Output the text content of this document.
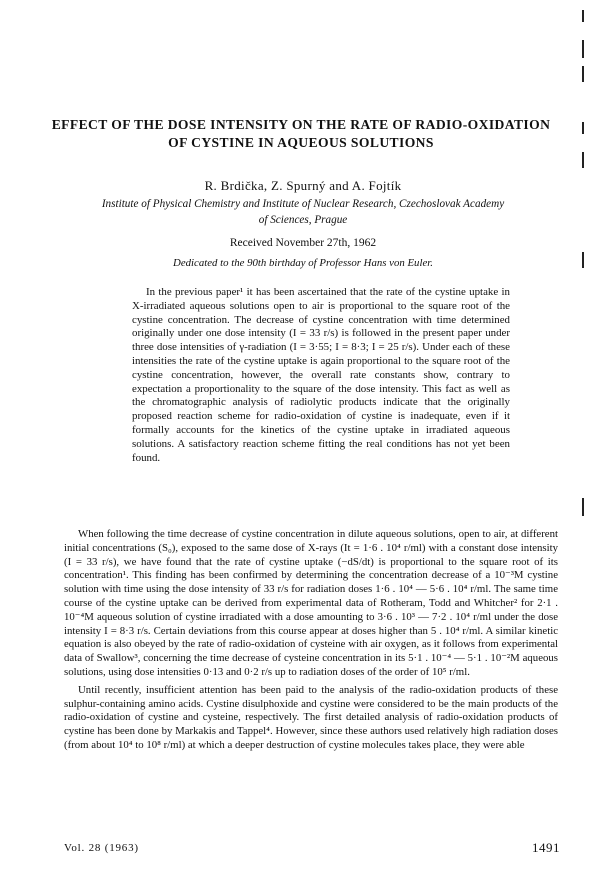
EFFECT OF THE DOSE INTENSITY ON THE RATE OF RADIO-OXIDATION
OF CYSTINE IN AQUEOUS SOLUTIONS
R. Brdička, Z. Spurný and A. Fojtík
Institute of Physical Chemistry and Institute of Nuclear Research, Czechoslovak Academy
of Sciences, Prague
Received November 27th, 1962
Dedicated to the 90th birthday of Professor Hans von Euler.

In the previous paper¹ it has been ascertained that the rate of the cystine uptake in X-irradiated aqueous solutions open to air is proportional to the square root of the cystine concentration. The decrease of cystine concentration with time determined originally under one dose intensity (I = 33 r/s) is followed in the present paper under three dose intensities of γ-radiation (I = 3·55; I = 8·3; I = 25 r/s). Under each of these intensities the rate of the cystine uptake is again proportional to the square root of the cystine concentration, however, the overall rate constants show, contrary to expectation a proportionality to the square of the dose intensity. This fact as well as the chromatographic analysis of radiolytic products indicate that the originally proposed reaction scheme for radio-oxidation of cystine is inadequate, even if it formally accounts for the kinetics of the cystine uptake in irradiated aqueous solutions. A satisfactory reaction scheme fitting the real conditions has not yet been found.

When following the time decrease of cystine concentration in dilute aqueous solutions, open to air, at different initial concentrations (S₀), exposed to the same dose of X-rays (It = 1·6 . 10⁴ r/ml) with a constant dose intensity (I = 33 r/s), we have found that the rate of cystine uptake (−dS/dt) is proportional to the square root of its concentration¹. This finding has been confirmed by determining the concentration decrease of a 10⁻³M cystine solution with time using the dose intensity of 33 r/s for radiation doses 1·6 . 10⁴ — 5·6 . 10⁴ r/ml. The same time course of the cystine uptake can be derived from experimental data of Rotheram, Todd and Whitcher² for 2·1 . 10⁻⁴M aqueous solution of cystine irradiated with a dose amounting to 3·6 . 10³ — 7·2 . 10⁴ r/ml under the dose intensity I = 8·3 r/s. Certain deviations from this course appear at doses higher than 5 . 10⁴ r/ml. A similar kinetic equation is also obeyed by the rate of radio-oxidation of cysteine with air oxygen, as it follows from experimental data of Swallow³, concerning the time decrease of cysteine concentration in its 5·1 . 10⁻⁴ — 5·1 . 10⁻²M aqueous solutions, using dose intensities 0·13 and 0·2 r/s up to radiation doses of the order of 10⁵ r/ml.

Until recently, insufficient attention has been paid to the analysis of the radio-oxidation products of these sulphur-containing amino acids. Cystine disulphoxide and cystine were considered to be the main products of the radio-oxidation of cystine and cysteine, respectively. The first detailed analysis of radio-oxidation products of cystine has been done by Markakis and Tappel⁴. However, since these authors used relatively high radiation doses (from about 10⁴ to 10⁸ r/ml) at which a deeper destruction of cystine molecules takes place, they were able

Vol. 28 (1963)	1491
